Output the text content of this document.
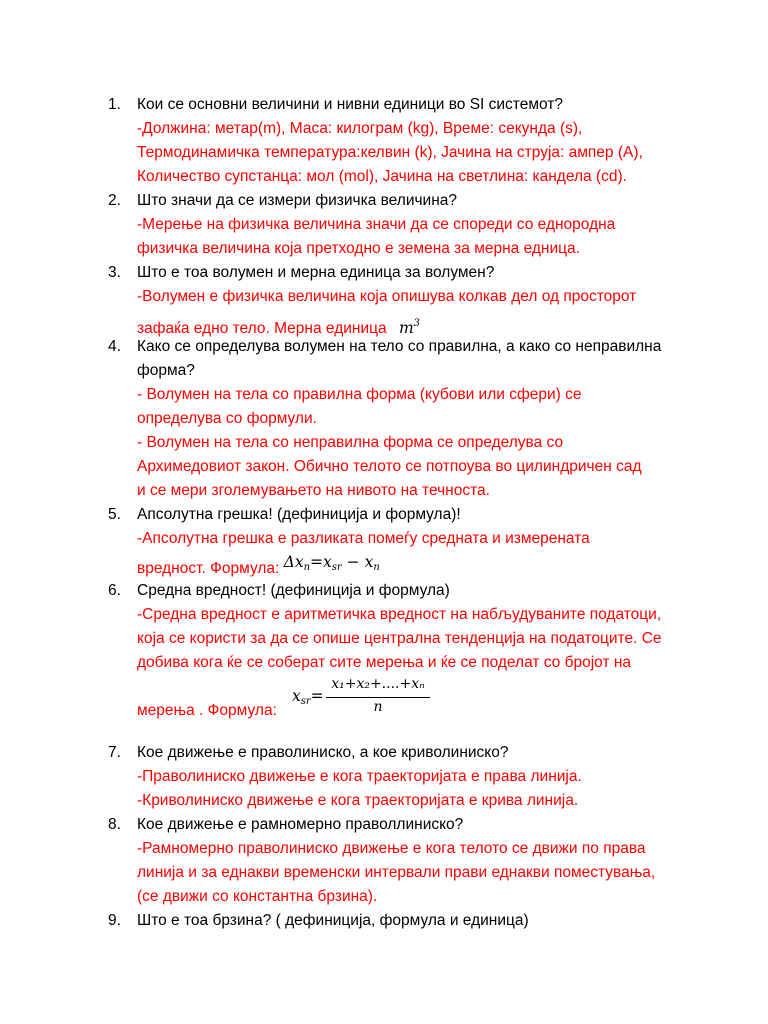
1. Кои се основни величини и нивни единици во SI системот?
-Должина: метар(m), Маса: килограм (kg), Време: секунда (s),
Термодинамичка температура:келвин (k), Јачина на струја: ампер (А),
Количество супстанца: мол (mol), Јачина на светлина: кандела (cd).
2. Што значи да се измери физичка величина?
-Мерење на физичка величина значи да се спореди со еднородна
физичка величина која претходно е земена за мерна едница.
3. Што е тоа волумен и мерна единица за волумен?
-Волумен е физичка величина која опишува колкав дел од просторот
зафаќа едно тело. Мерна единица $m^3$
4. Како се определува волумен на тело со правилна, а како со неправилна
форма?
- Волумен на тела со правилна форма (кубови или сфери) се
определува со формули.
- Волумен на тела со неправилна форма се определува со
Архимедовиот закон. Обично телото се потпоува во цилиндричен сад
и се мери зголемувањето на нивото на течноста.
5. Апсолутна грешка! (дефиниција и формула)!
-Апсолутна грешка е разликата помеѓу средната и измерената
вредност. Формула: $\Delta x_n=x_{sr} - x_n$
6. Средна вредност! (дефиниција и формула)
-Средна вредност е аритметичка вредност на набљудуваните податоци,
која се користи за да се опише централна тенденција на податоците. Се
добива кога ќе се соберат сите мерења и ќе се поделат со бројот на
мерења . Формула:
$x_{sr}=$
x₁+x₂+....+xₙ
n
7. Кое движење е праволиниско, а кое криволиниско?
-Праволиниско движење е кога траекторијата е права линија.
-Криволиниско движење е кога траекторијата е крива линија.
8. Кое движење е рамномерно праволлиниско?
-Рамномерно праволиниско движење е кога телото се движи по права
линија и за еднакви временски интервали прави еднакви поместувања,
(се движи со константна брзина).
9. Што е тоа брзина? ( дефиниција, формула и единица)
